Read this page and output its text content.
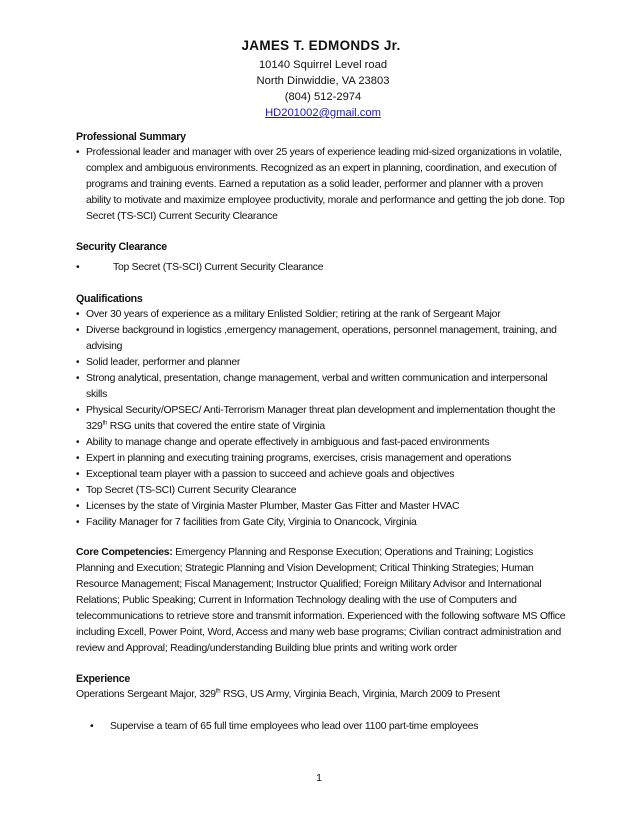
JAMES T. EDMONDS Jr.
10140 Squirrel Level road
North Dinwiddie, VA 23803
(804) 512-2974
HD201002@gmail.com
Professional Summary
• Professional leader and manager with over 25 years of experience leading mid-sized organizations in volatile, complex and ambiguous environments. Recognized as an expert in planning, coordination, and execution of programs and training events. Earned a reputation as a solid leader, performer and planner with a proven ability to motivate and maximize employee productivity, morale and performance and getting the job done. Top Secret (TS-SCI) Current Security Clearance
Security Clearance
• Top Secret (TS-SCI) Current Security Clearance
Qualifications
• Over 30 years of experience as a military Enlisted Soldier; retiring at the rank of Sergeant Major
• Diverse background in logistics ,emergency management, operations, personnel management, training, and advising
• Solid leader, performer and planner
• Strong analytical, presentation, change management, verbal and written communication and interpersonal skills
• Physical Security/OPSEC/ Anti-Terrorism Manager threat plan development and implementation thought the 329th RSG units that covered the entire state of Virginia
• Ability to manage change and operate effectively in ambiguous and fast-paced environments
• Expert in planning and executing training programs, exercises, crisis management and operations
• Exceptional team player with a passion to succeed and achieve goals and objectives
• Top Secret (TS-SCI) Current Security Clearance
• Licenses by the state of Virginia Master Plumber, Master Gas Fitter and Master HVAC
• Facility Manager for 7 facilities from Gate City, Virginia to Onancock, Virginia
Core Competencies: Emergency Planning and Response Execution; Operations and Training; Logistics Planning and Execution; Strategic Planning and Vision Development; Critical Thinking Strategies; Human Resource Management; Fiscal Management; Instructor Qualified; Foreign Military Advisor and International Relations; Public Speaking; Current in Information Technology dealing with the use of Computers and telecommunications to retrieve store and transmit information. Experienced with the following software MS Office including Excell, Power Point, Word, Access and many web base programs; Civilian contract administration and review and Approval; Reading/understanding Building blue prints and writing work order
Experience
Operations Sergeant Major, 329th RSG, US Army, Virginia Beach, Virginia, March 2009 to Present
• Supervise a team of 65 full time employees who lead over 1100 part-time employees
1
